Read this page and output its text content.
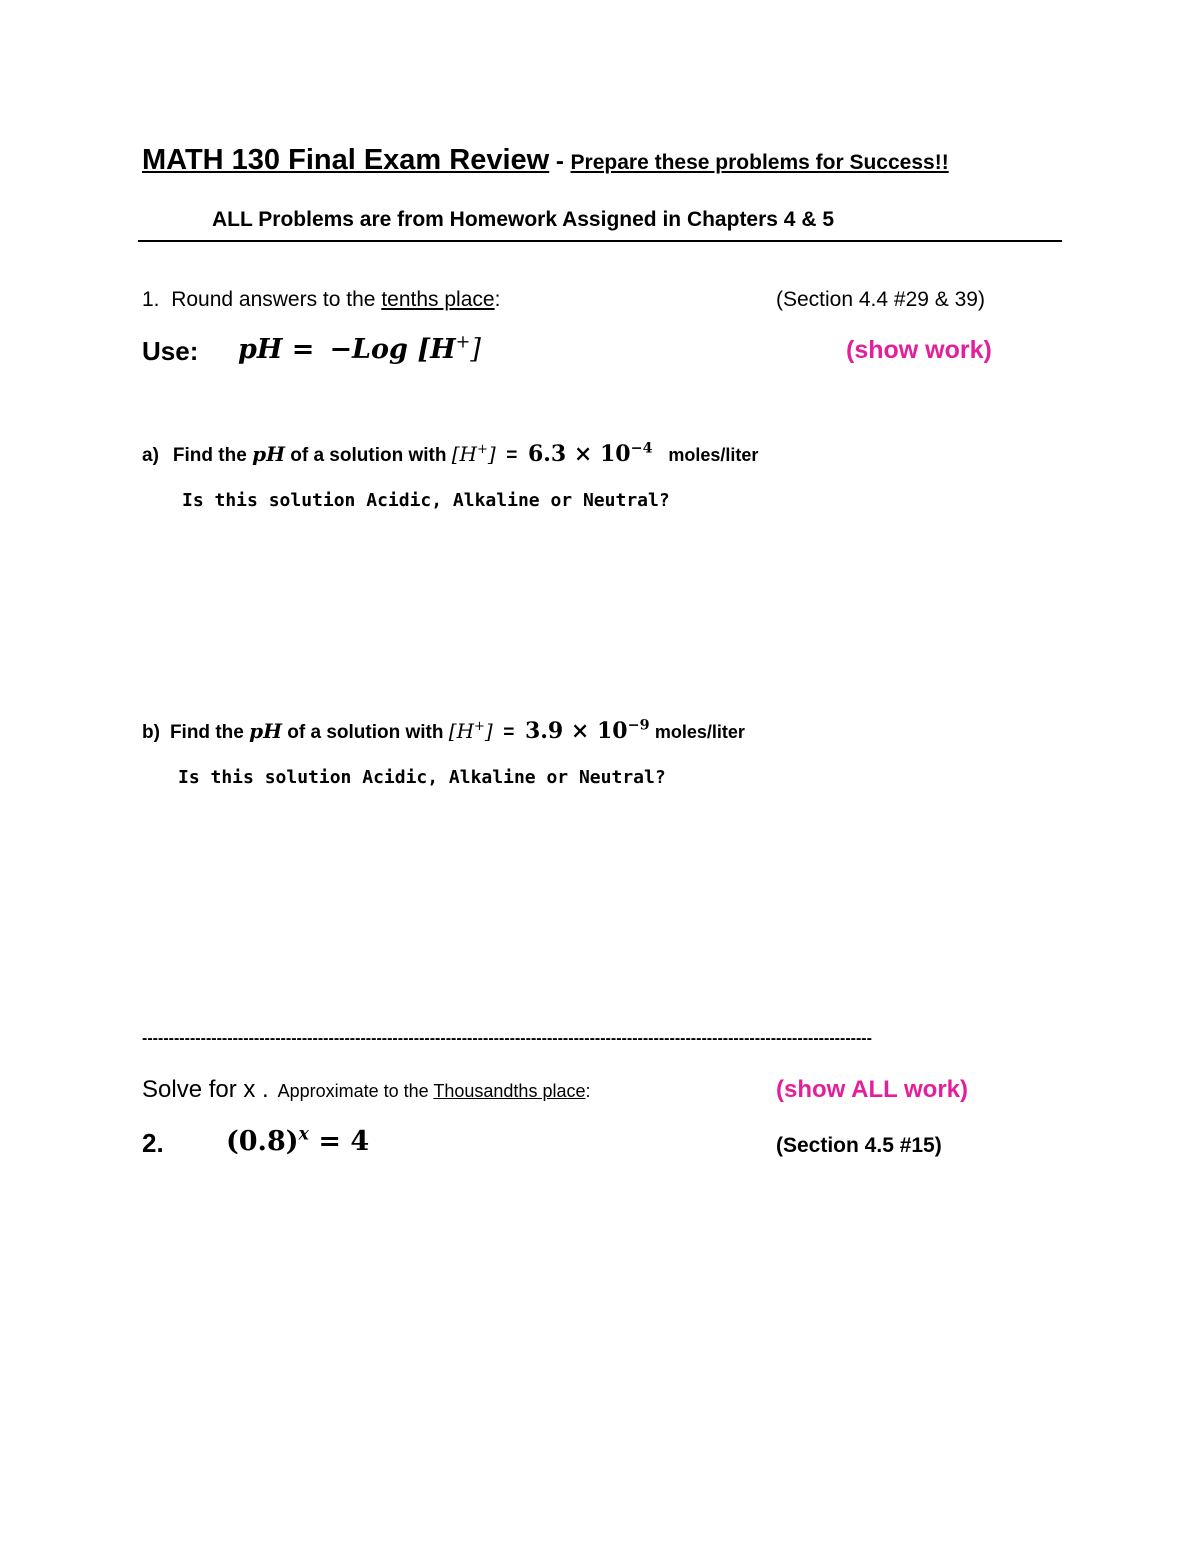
MATH 130 Final Exam Review - Prepare these problems for Success!!
ALL Problems are from Homework Assigned in Chapters 4 & 5
1. Round answers to the tenths place:	(Section 4.4 #29 & 39)
Use: pH = −Log [H+]	(show work)
a) Find the pH of a solution with $[H^+] = 6.3 \times 10^{-4}$ moles/liter
Is this solution Acidic, Alkaline or Neutral?
b) Find the pH of a solution with $[H^+] = 3.9 \times 10^{-9}$ moles/liter
Is this solution Acidic, Alkaline or Neutral?
-----------------------------------------------------------------------------------------------------------------------------------------
Solve for x . Approximate to the Thousandths place:	(show ALL work)
2. $(0.8)^x = 4$	(Section 4.5 #15)
